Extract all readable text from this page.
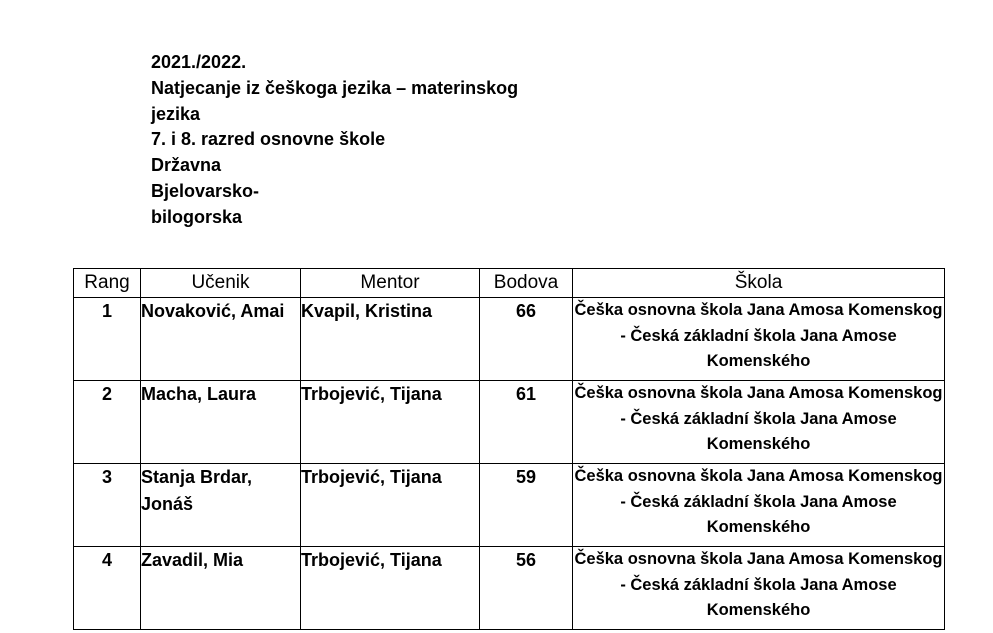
2021./2022.
Natjecanje iz češkoga jezika – materinskog
jezika
7. i 8. razred osnovne škole
Državna
Bjelovarsko-
bilogorska
Rang	Učenik	Mentor	Bodova	Škola
1	Novaković, Amai	Kvapil, Kristina	66	Češka osnovna škola Jana Amosa Komenskog - Česká základní škola Jana Amose Komenského
2	Macha, Laura	Trbojević, Tijana	61	Češka osnovna škola Jana Amosa Komenskog - Česká základní škola Jana Amose Komenského
3	Stanja Brdar, Jonáš	Trbojević, Tijana	59	Češka osnovna škola Jana Amosa Komenskog - Česká základní škola Jana Amose Komenského
4	Zavadil, Mia	Trbojević, Tijana	56	Češka osnovna škola Jana Amosa Komenskog - Česká základní škola Jana Amose Komenského
